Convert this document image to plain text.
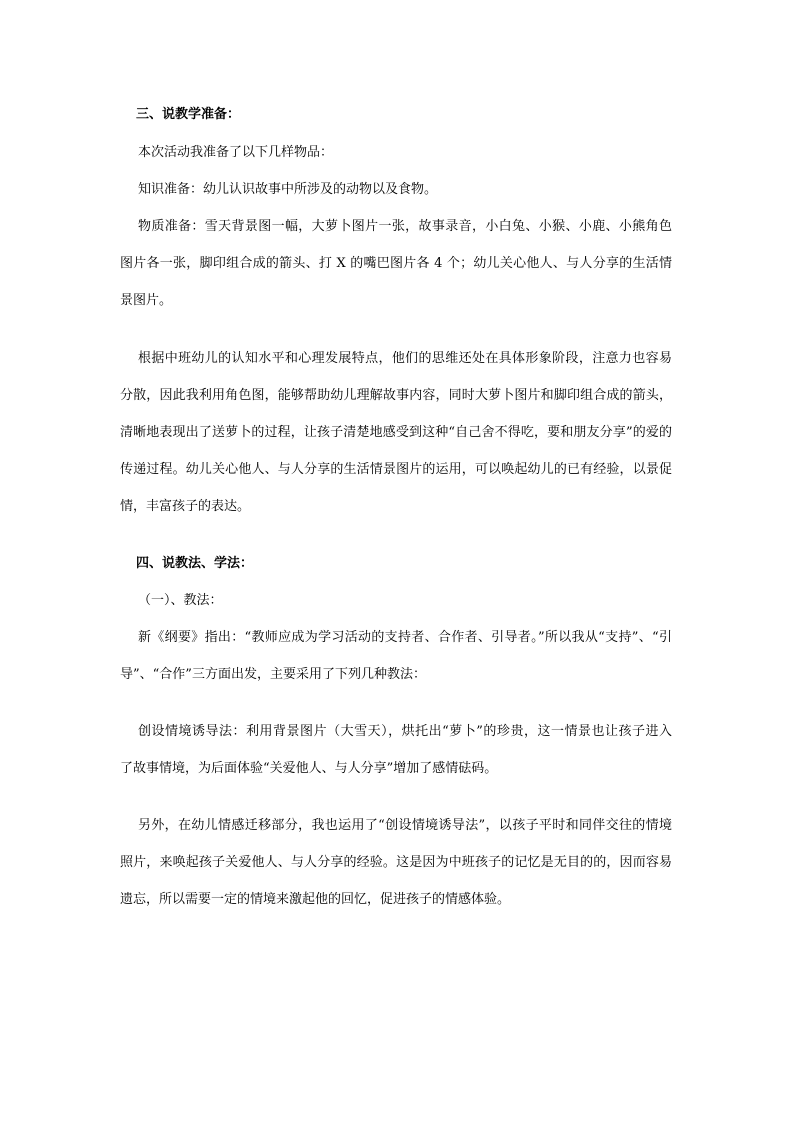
三、说教学准备：
本次活动我准备了以下几样物品：
知识准备：幼儿认识故事中所涉及的动物以及食物。
物质准备：雪天背景图一幅，大萝卜图片一张，故事录音，小白兔、小猴、小鹿、小熊角色
图片各一张，脚印组合成的箭头、打 X 的嘴巴图片各 4 个；幼儿关心他人、与人分享的生活情
景图片。
根据中班幼儿的认知水平和心理发展特点，他们的思维还处在具体形象阶段，注意力也容易
分散，因此我利用角色图，能够帮助幼儿理解故事内容，同时大萝卜图片和脚印组合成的箭头，
清晰地表现出了送萝卜的过程，让孩子清楚地感受到这种“自己舍不得吃，要和朋友分享”的爱的
传递过程。幼儿关心他人、与人分享的生活情景图片的运用，可以唤起幼儿的已有经验，以景促
情，丰富孩子的表达。
四、说教法、学法：
（一）、教法：
新《纲要》指出：“教师应成为学习活动的支持者、合作者、引导者。”所以我从“支持”、“引
导”、“合作”三方面出发，主要采用了下列几种教法：
创设情境诱导法：利用背景图片（大雪天），烘托出“萝卜”的珍贵，这一情景也让孩子进入
了故事情境，为后面体验“关爱他人、与人分享”增加了感情砝码。
另外，在幼儿情感迁移部分，我也运用了“创设情境诱导法”，以孩子平时和同伴交往的情境
照片，来唤起孩子关爱他人、与人分享的经验。这是因为中班孩子的记忆是无目的的，因而容易
遗忘，所以需要一定的情境来激起他的回忆，促进孩子的情感体验。
